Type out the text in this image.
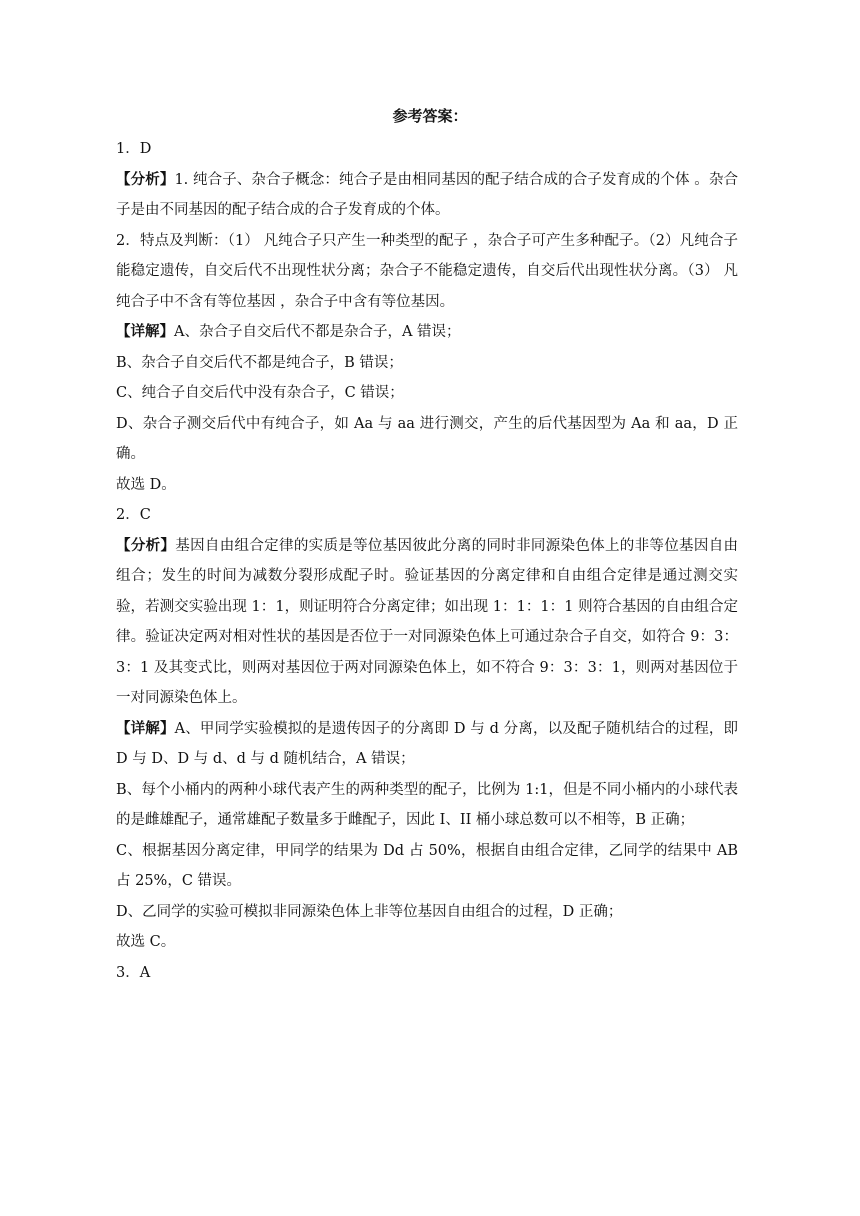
参考答案：

1．D

【分析】1. 纯合子、杂合子概念：纯合子是由相同基因的配子结合成的合子发育成的个体 。杂合子是由不同基因的配子结合成的合子发育成的个体。

2．特点及判断：（1） 凡纯合子只产生一种类型的配子 ，杂合子可产生多种配子。（2）凡纯合子能稳定遗传，自交后代不出现性状分离；杂合子不能稳定遗传，自交后代出现性状分离。（3） 凡纯合子中不含有等位基因 ，杂合子中含有等位基因。

【详解】A、杂合子自交后代不都是杂合子，A 错误；

B、杂合子自交后代不都是纯合子，B 错误；

C、纯合子自交后代中没有杂合子，C 错误；

D、杂合子测交后代中有纯合子，如 Aa 与 aa 进行测交，产生的后代基因型为 Aa 和 aa，D 正确。

故选 D。

2．C

【分析】基因自由组合定律的实质是等位基因彼此分离的同时非同源染色体上的非等位基因自由组合；发生的时间为减数分裂形成配子时。验证基因的分离定律和自由组合定律是通过测交实验，若测交实验出现 1：1，则证明符合分离定律；如出现 1：1：1：1 则符合基因的自由组合定律。验证决定两对相对性状的基因是否位于一对同源染色体上可通过杂合子自交，如符合 9：3：3：1 及其变式比，则两对基因位于两对同源染色体上，如不符合 9：3：3：1，则两对基因位于一对同源染色体上。

【详解】A、甲同学实验模拟的是遗传因子的分离即 D 与 d 分离，以及配子随机结合的过程，即 D 与 D、D 与 d、d 与 d 随机结合，A 错误；

B、每个小桶内的两种小球代表产生的两种类型的配子，比例为 1:1，但是不同小桶内的小球代表的是雌雄配子，通常雄配子数量多于雌配子，因此 I、II 桶小球总数可以不相等，B 正确；

C、根据基因分离定律，甲同学的结果为 Dd 占 50%，根据自由组合定律，乙同学的结果中 AB 占 25%，C 错误。

D、乙同学的实验可模拟非同源染色体上非等位基因自由组合的过程，D 正确；

故选 C。

3．A
